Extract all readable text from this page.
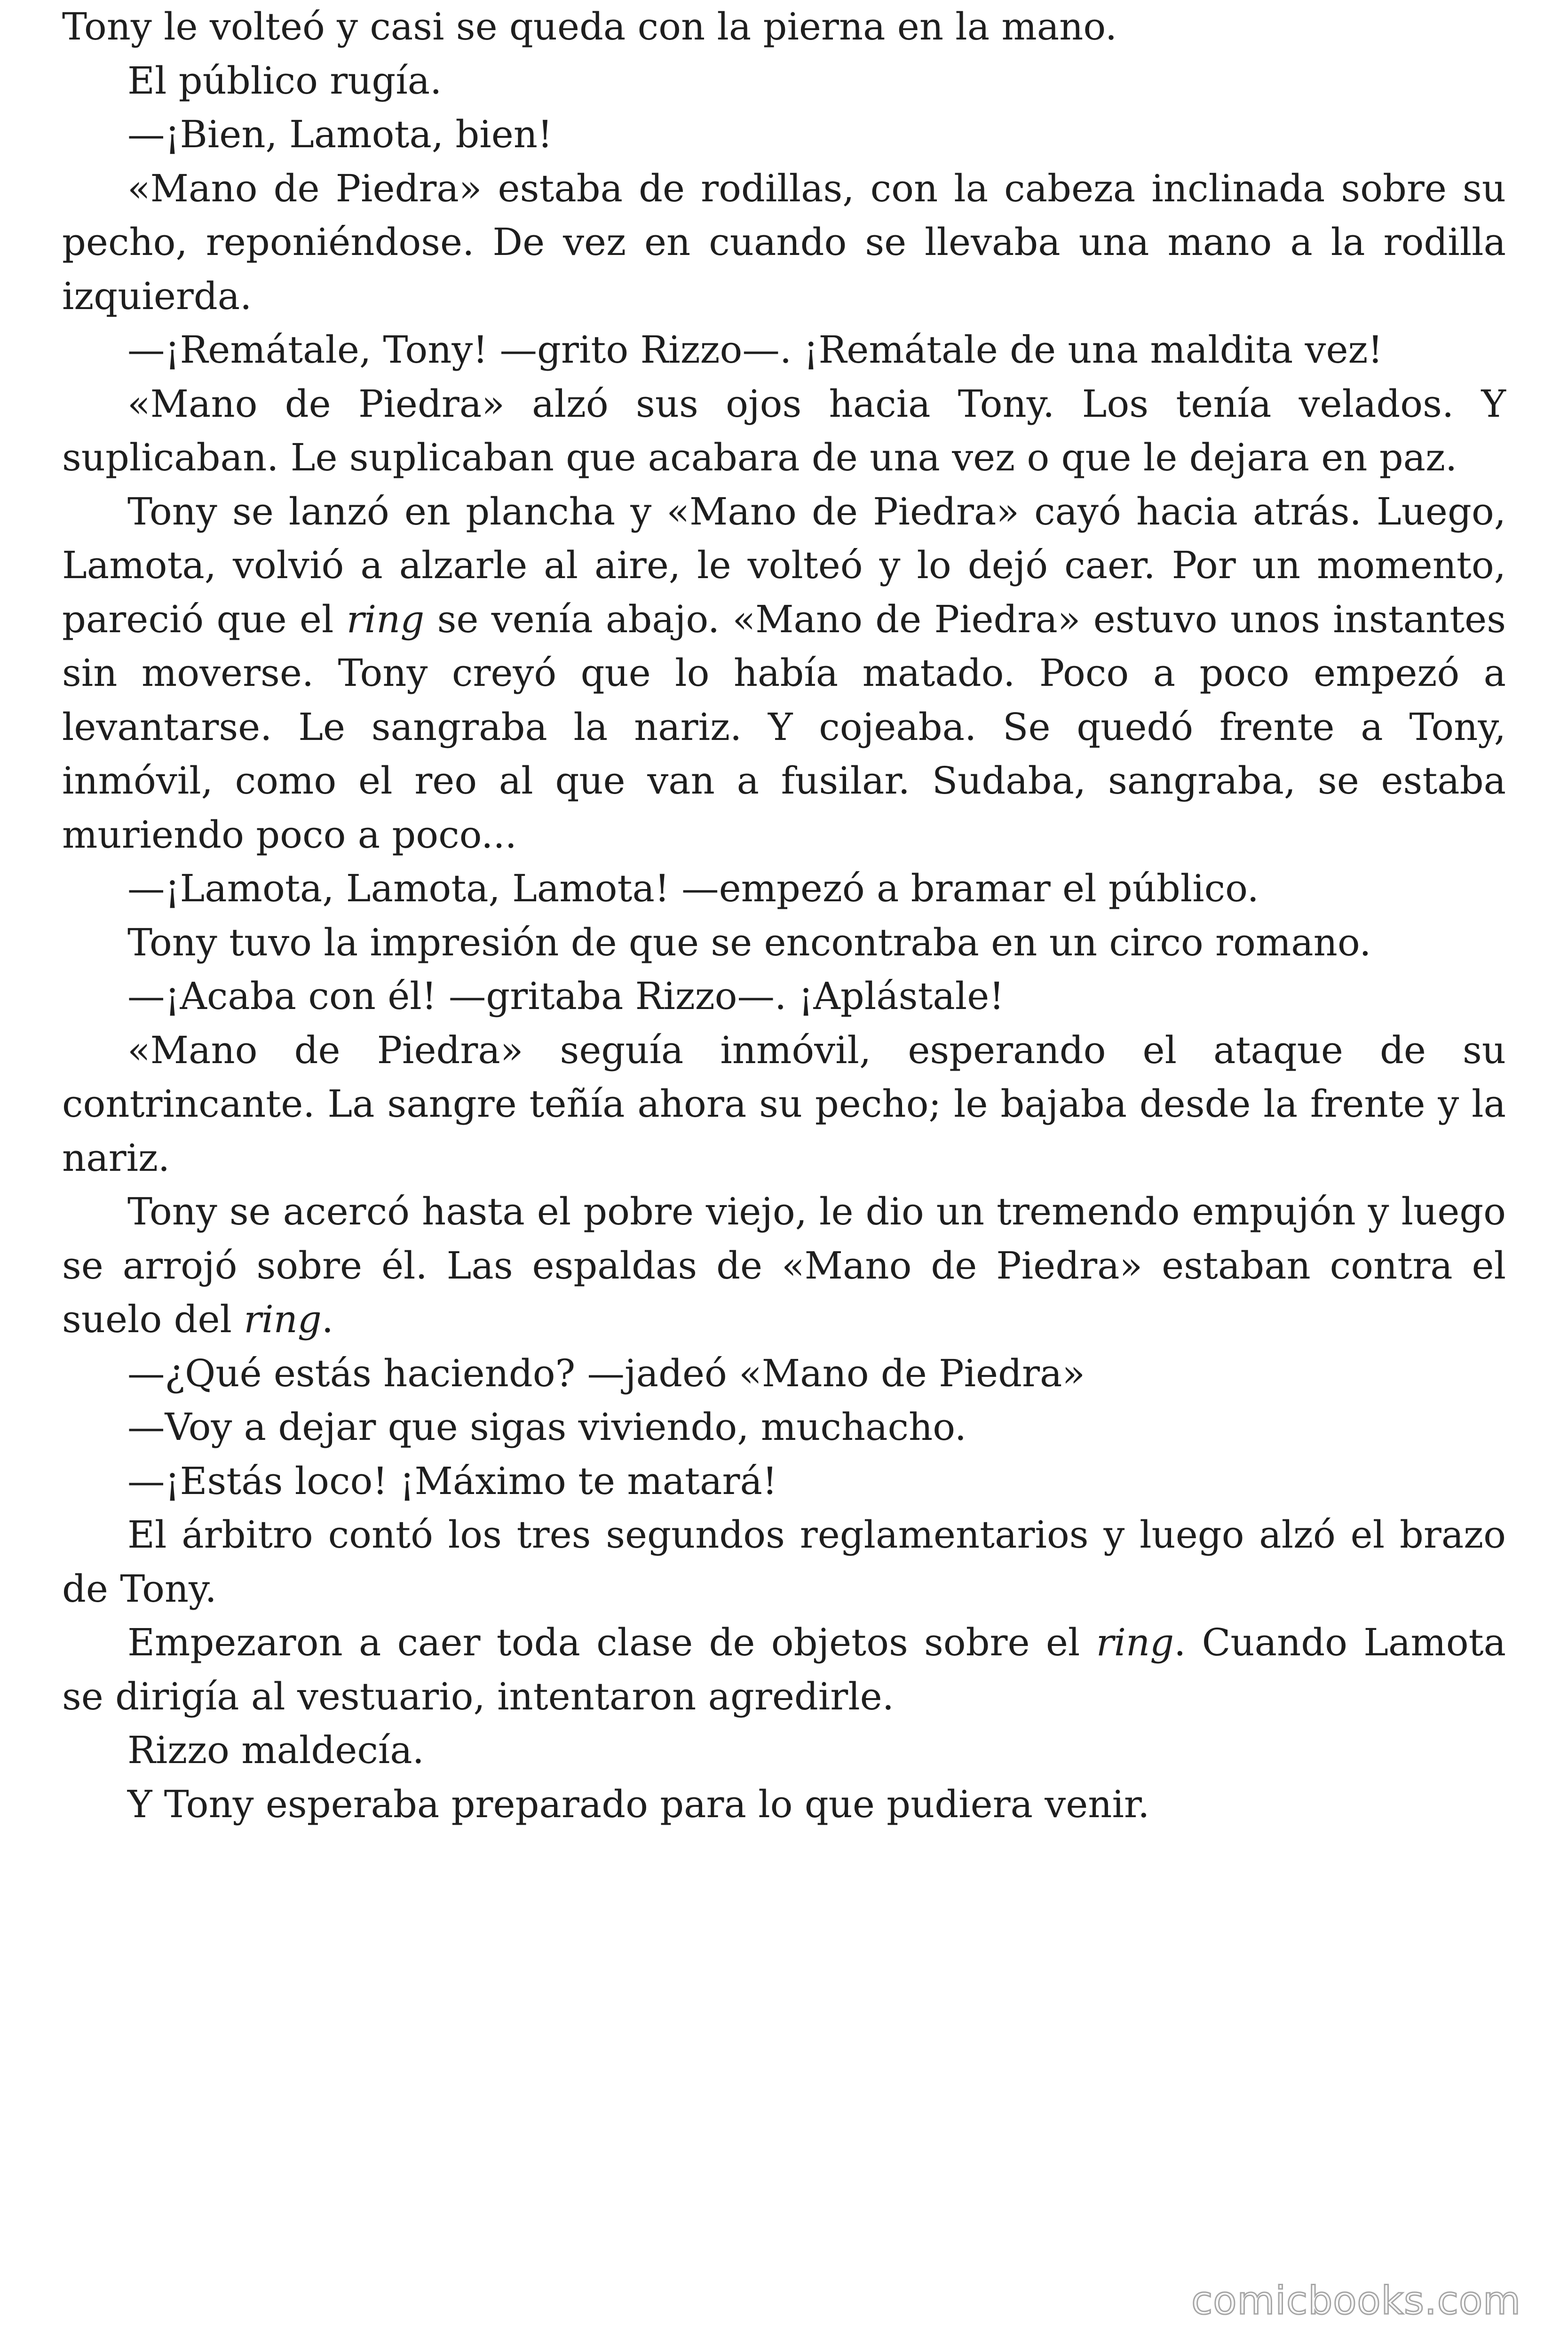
Tony le volteó y casi se queda con la pierna en la mano.

El público rugía.

—¡Bien, Lamota, bien!

«Mano de Piedra» estaba de rodillas, con la cabeza inclinada sobre su pecho, reponiéndose. De vez en cuando se llevaba una mano a la rodilla izquierda.

—¡Remátale, Tony! —grito Rizzo—. ¡Remátale de una maldita vez!

«Mano de Piedra» alzó sus ojos hacia Tony. Los tenía velados. Y suplicaban. Le suplicaban que acabara de una vez o que le dejara en paz.

Tony se lanzó en plancha y «Mano de Piedra» cayó hacia atrás. Luego, Lamota, volvió a alzarle al aire, le volteó y lo dejó caer. Por un momento, pareció que el ring se venía abajo. «Mano de Piedra» estuvo unos instantes sin moverse. Tony creyó que lo había matado. Poco a poco empezó a levantarse. Le sangraba la nariz. Y cojeaba. Se quedó frente a Tony, inmóvil, como el reo al que van a fusilar. Sudaba, sangraba, se estaba muriendo poco a poco...

—¡Lamota, Lamota, Lamota! —empezó a bramar el público.

Tony tuvo la impresión de que se encontraba en un circo romano.

—¡Acaba con él! —gritaba Rizzo—. ¡Aplástale!

«Mano de Piedra» seguía inmóvil, esperando el ataque de su contrincante. La sangre teñía ahora su pecho; le bajaba desde la frente y la nariz.

Tony se acercó hasta el pobre viejo, le dio un tremendo empujón y luego se arrojó sobre él. Las espaldas de «Mano de Piedra» estaban contra el suelo del ring.

—¿Qué estás haciendo? —jadeó «Mano de Piedra»

—Voy a dejar que sigas viviendo, muchacho.

—¡Estás loco! ¡Máximo te matará!

El árbitro contó los tres segundos reglamentarios y luego alzó el brazo de Tony.

Empezaron a caer toda clase de objetos sobre el ring. Cuando Lamota se dirigía al vestuario, intentaron agredirle.

Rizzo maldecía.

Y Tony esperaba preparado para lo que pudiera venir.

comicbooks.com
